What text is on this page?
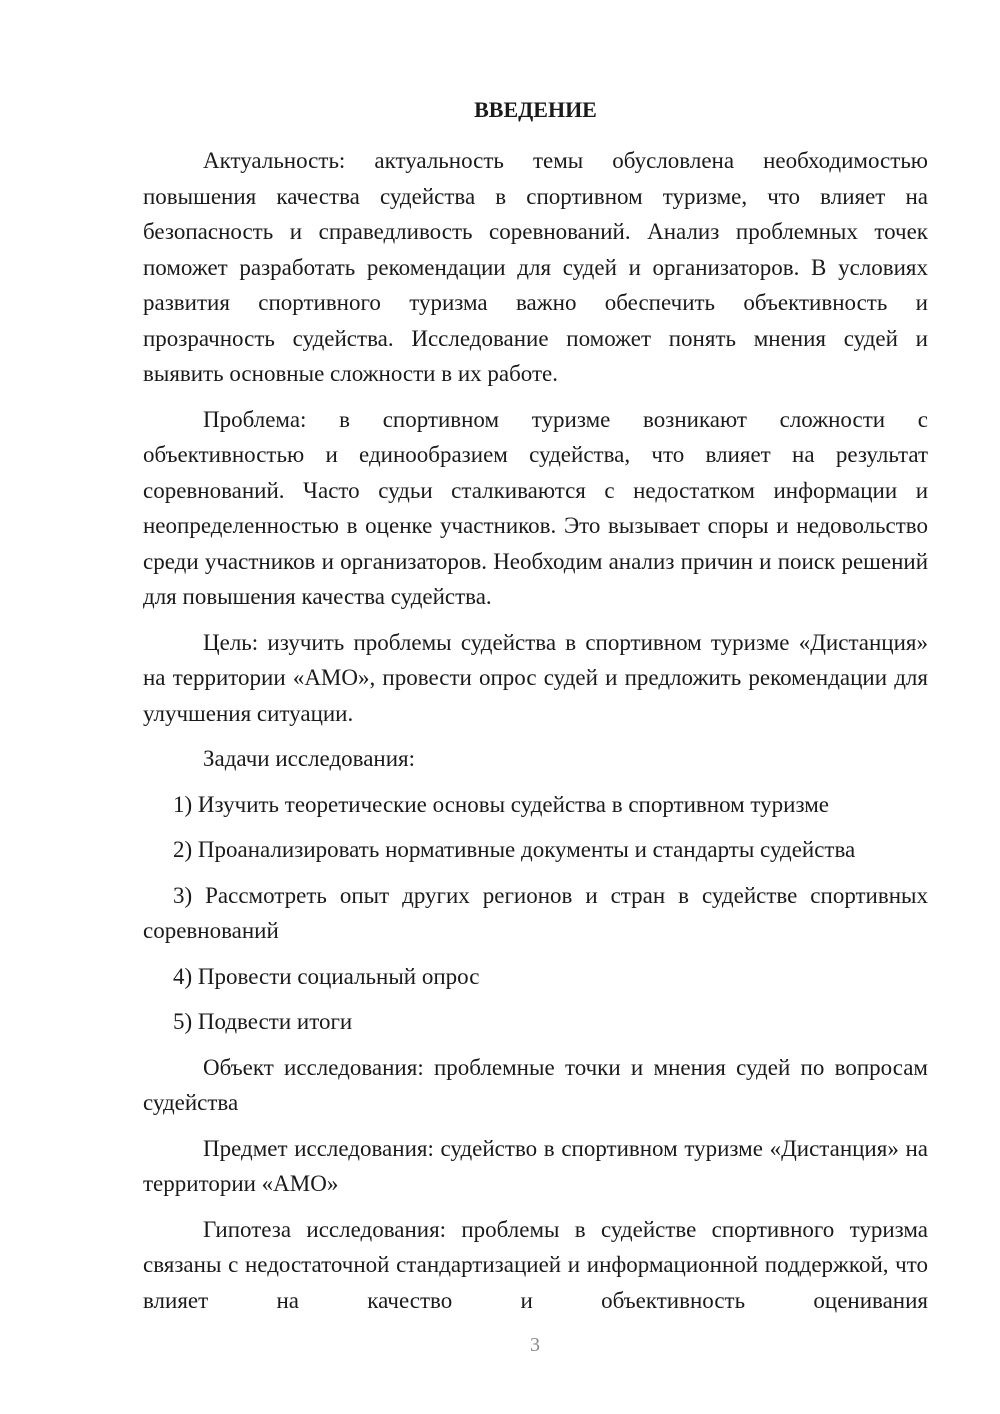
ВВЕДЕНИЕ

Актуальность: актуальность темы обусловлена необходимостью повышения качества судейства в спортивном туризме, что влияет на безопасность и справедливость соревнований. Анализ проблемных точек поможет разработать рекомендации для судей и организаторов. В условиях развития спортивного туризма важно обеспечить объективность и прозрачность судейства. Исследование поможет понять мнения судей и выявить основные сложности в их работе.

Проблема: в спортивном туризме возникают сложности с объективностью и единообразием судейства, что влияет на результат соревнований. Часто судьи сталкиваются с недостатком информации и неопределенностью в оценке участников. Это вызывает споры и недовольство среди участников и организаторов. Необходим анализ причин и поиск решений для повышения качества судейства.

Цель: изучить проблемы судейства в спортивном туризме «Дистанция» на территории «АМО», провести опрос судей и предложить рекомендации для улучшения ситуации.

Задачи исследования:

1) Изучить теоретические основы судейства в спортивном туризме

2) Проанализировать нормативные документы и стандарты судейства

3) Рассмотреть опыт других регионов и стран в судействе спортивных соревнований

4) Провести социальный опрос

5) Подвести итоги

Объект исследования: проблемные точки и мнения судей по вопросам судейства

Предмет исследования: судейство в спортивном туризме «Дистанция» на территории «АМО»

Гипотеза исследования: проблемы в судействе спортивного туризма связаны с недостаточной стандартизацией и информационной поддержкой, что влияет на качество и объективность оценивания

3
